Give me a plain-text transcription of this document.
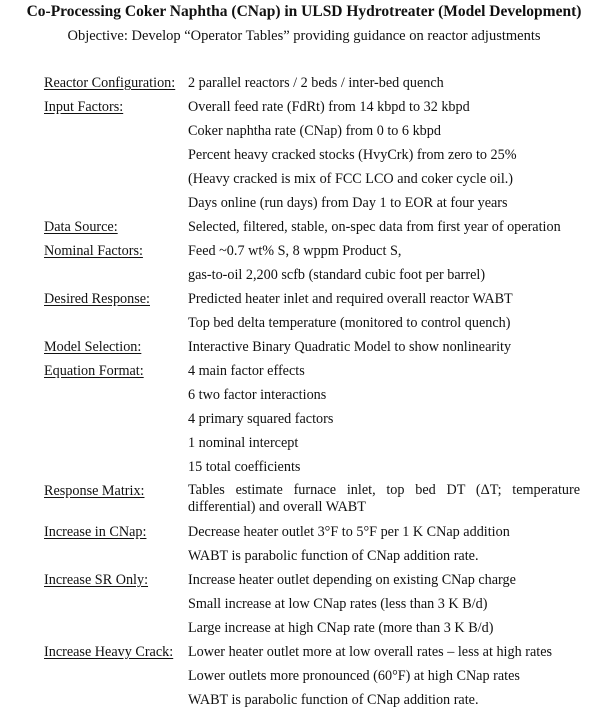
Co-Processing Coker Naphtha (CNap) in ULSD Hydrotreater (Model Development)
Objective: Develop “Operator Tables” providing guidance on reactor adjustments
Reactor Configuration: 2 parallel reactors / 2 beds / inter-bed quench
Input Factors:	Overall feed rate (FdRt) from 14 kbpd to 32 kbpd
Coker naphtha rate (CNap) from 0 to 6 kbpd
Percent heavy cracked stocks (HvyCrk) from zero to 25%
(Heavy cracked is mix of FCC LCO and coker cycle oil.)
Days online (run days) from Day 1 to EOR at four years
Data Source:	Selected, filtered, stable, on-spec data from first year of operation
Nominal Factors:	Feed ~0.7 wt% S, 8 wppm Product S,
gas-to-oil 2,200 scfb (standard cubic foot per barrel)
Desired Response:	Predicted heater inlet and required overall reactor WABT
Top bed delta temperature (monitored to control quench)
Model Selection:	Interactive Binary Quadratic Model to show nonlinearity
Equation Format:	4 main factor effects
6 two factor interactions
4 primary squared factors
1 nominal intercept
15 total coefficients
Response Matrix:	Tables estimate furnace inlet, top bed DT (ΔT; temperature differential) and overall WABT
Increase in CNap:	Decrease heater outlet 3°F to 5°F per 1 K CNap addition
WABT is parabolic function of CNap addition rate.
Increase SR Only:	Increase heater outlet depending on existing CNap charge
Small increase at low CNap rates (less than 3 K B/d)
Large increase at high CNap rate (more than 3 K B/d)
Increase Heavy Crack: Lower heater outlet more at low overall rates – less at high rates
Lower outlets more pronounced (60°F) at high CNap rates
WABT is parabolic function of CNap addition rate.
